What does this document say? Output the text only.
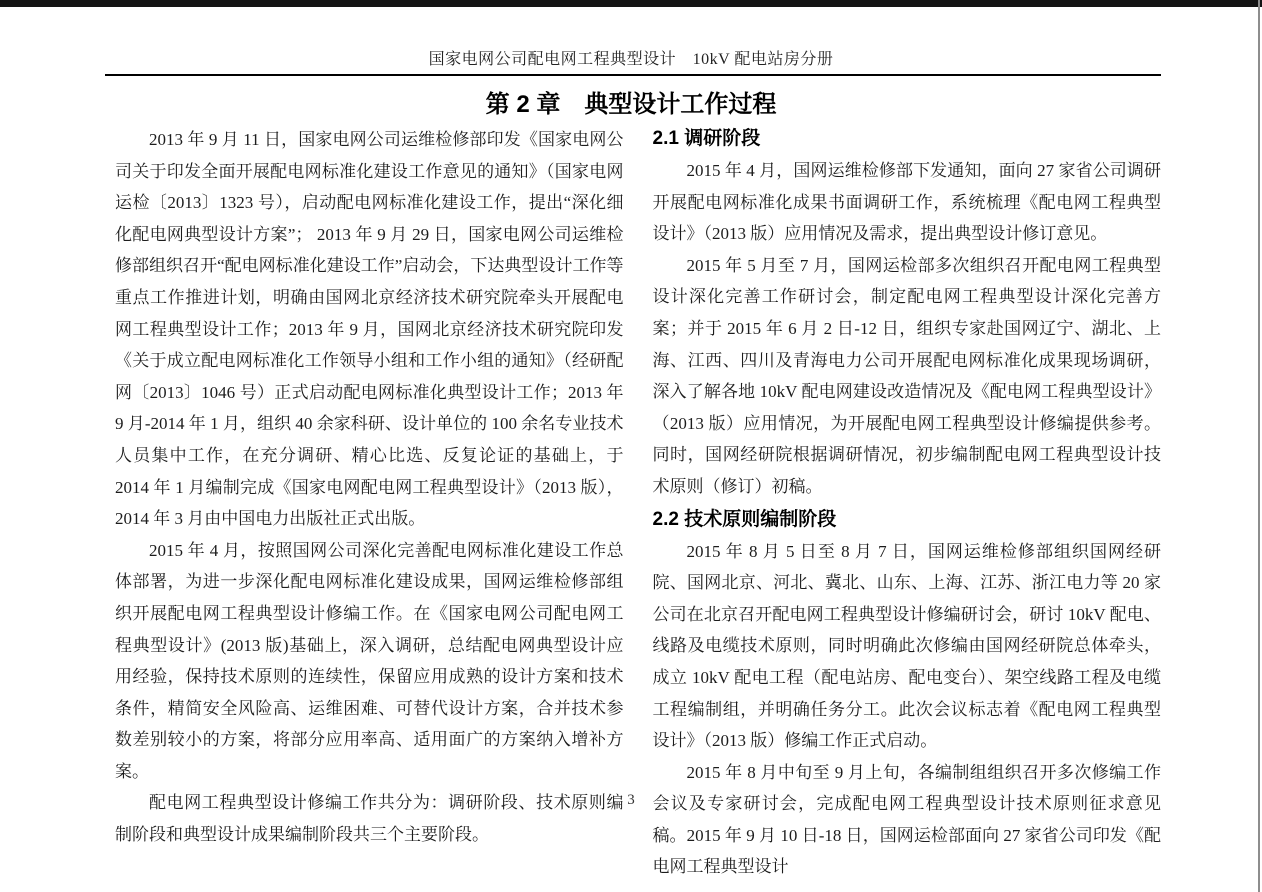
国家电网公司配电网工程典型设计　10kV 配电站房分册
第 2 章　典型设计工作过程

2013 年 9 月 11 日，国家电网公司运维检修部印发《国家电网公司关于印发全面开展配电网标准化建设工作意见的通知》（国家电网运检〔2013〕1323 号），启动配电网标准化建设工作，提出“深化细化配电网典型设计方案”； 2013 年 9 月 29 日，国家电网公司运维检修部组织召开“配电网标准化建设工作”启动会，下达典型设计工作等重点工作推进计划，明确由国网北京经济技术研究院牵头开展配电网工程典型设计工作；2013 年 9 月，国网北京经济技术研究院印发《关于成立配电网标准化工作领导小组和工作小组的通知》（经研配网〔2013〕1046 号）正式启动配电网标准化典型设计工作；2013 年 9 月-2014 年 1 月，组织 40 余家科研、设计单位的 100 余名专业技术人员集中工作，在充分调研、精心比选、反复论证的基础上，于 2014 年 1 月编制完成《国家电网配电网工程典型设计》（2013 版），2014 年 3 月由中国电力出版社正式出版。

2015 年 4 月，按照国网公司深化完善配电网标准化建设工作总体部署，为进一步深化配电网标准化建设成果，国网运维检修部组织开展配电网工程典型设计修编工作。在《国家电网公司配电网工程典型设计》(2013 版)基础上，深入调研，总结配电网典型设计应用经验，保持技术原则的连续性，保留应用成熟的设计方案和技术条件，精简安全风险高、运维困难、可替代设计方案，合并技术参数差别较小的方案，将部分应用率高、适用面广的方案纳入增补方案。

配电网工程典型设计修编工作共分为：调研阶段、技术原则编制阶段和典型设计成果编制阶段共三个主要阶段。

2.1 调研阶段

2015 年 4 月，国网运维检修部下发通知，面向 27 家省公司调研开展配电网标准化成果书面调研工作，系统梳理《配电网工程典型设计》（2013 版）应用情况及需求，提出典型设计修订意见。

2015 年 5 月至 7 月，国网运检部多次组织召开配电网工程典型设计深化完善工作研讨会，制定配电网工程典型设计深化完善方案；并于 2015 年 6 月 2 日-12 日，组织专家赴国网辽宁、湖北、上海、江西、四川及青海电力公司开展配电网标准化成果现场调研，深入了解各地 10kV 配电网建设改造情况及《配电网工程典型设计》（2013 版）应用情况，为开展配电网工程典型设计修编提供参考。同时，国网经研院根据调研情况，初步编制配电网工程典型设计技术原则（修订）初稿。

2.2 技术原则编制阶段

2015 年 8 月 5 日至 8 月 7 日，国网运维检修部组织国网经研院、国网北京、河北、冀北、山东、上海、江苏、浙江电力等 20 家公司在北京召开配电网工程典型设计修编研讨会，研讨 10kV 配电、线路及电缆技术原则，同时明确此次修编由国网经研院总体牵头，成立 10kV 配电工程（配电站房、配电变台）、架空线路工程及电缆工程编制组，并明确任务分工。此次会议标志着《配电网工程典型设计》（2013 版）修编工作正式启动。

2015 年 8 月中旬至 9 月上旬，各编制组组织召开多次修编工作会议及专家研讨会，完成配电网工程典型设计技术原则征求意见稿。2015 年 9 月 10 日-18 日，国网运检部面向 27 家省公司印发《配电网工程典型设计

3
